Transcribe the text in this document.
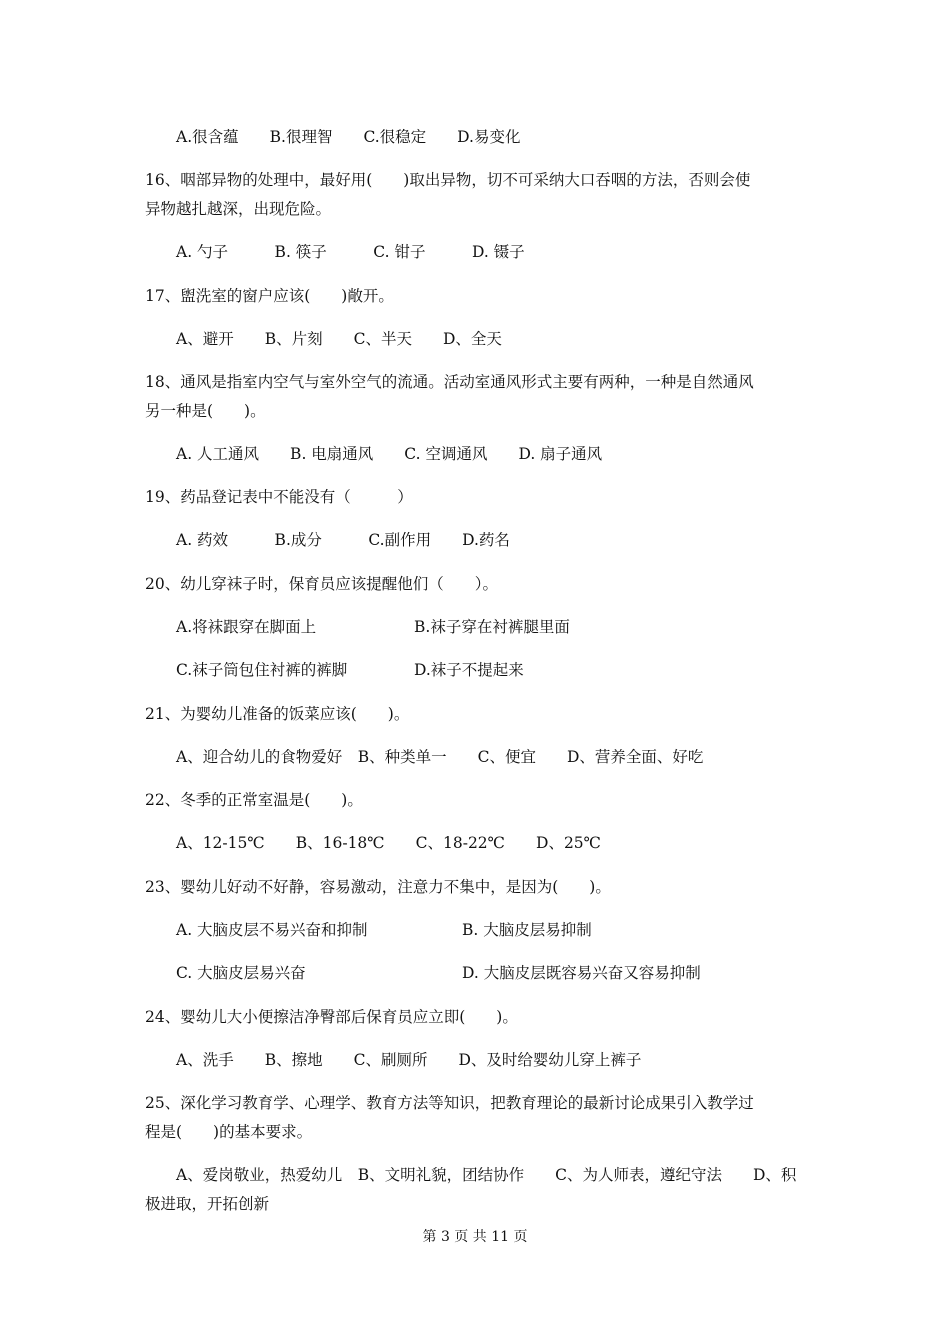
A.很含蕴　　B.很理智　　C.很稳定　　D.易变化
16、咽部异物的处理中，最好用(　　)取出异物，切不可采纳大口吞咽的方法，否则会使
异物越扎越深，出现危险。
A. 勺子　　　B. 筷子　　　C. 钳子　　　D. 镊子
17、盥洗室的窗户应该(　　)敞开。
A、避开　　B、片刻　　C、半天　　D、全天
18、通风是指室内空气与室外空气的流通。活动室通风形式主要有两种，一种是自然通风
另一种是(　　)。
A. 人工通风　　B. 电扇通风　　C. 空调通风　　D. 扇子通风
19、药品登记表中不能没有（　　　）
A. 药效　　　B.成分　　　C.副作用　　D.药名
20、幼儿穿袜子时，保育员应该提醒他们（　　）。
A.将袜跟穿在脚面上	B.袜子穿在衬裤腿里面
C.袜子筒包住衬裤的裤脚	D.袜子不提起来
21、为婴幼儿准备的饭菜应该(　　)。
A、迎合幼儿的食物爱好　B、种类单一　　C、便宜　　D、营养全面、好吃
22、冬季的正常室温是(　　)。
A、12-15℃　　B、16-18℃　　C、18-22℃　　D、25℃
23、婴幼儿好动不好静，容易激动，注意力不集中，是因为(　　)。
A. 大脑皮层不易兴奋和抑制	B. 大脑皮层易抑制
C. 大脑皮层易兴奋	D. 大脑皮层既容易兴奋又容易抑制
24、婴幼儿大小便擦洁净臀部后保育员应立即(　　)。
A、洗手　　B、擦地　　C、刷厕所　　D、及时给婴幼儿穿上裤子
25、深化学习教育学、心理学、教育方法等知识，把教育理论的最新讨论成果引入教学过
程是(　　)的基本要求。
A、爱岗敬业，热爱幼儿　B、文明礼貌，团结协作　　C、为人师表，遵纪守法　　D、积
极进取，开拓创新
第 3 页 共 11 页
